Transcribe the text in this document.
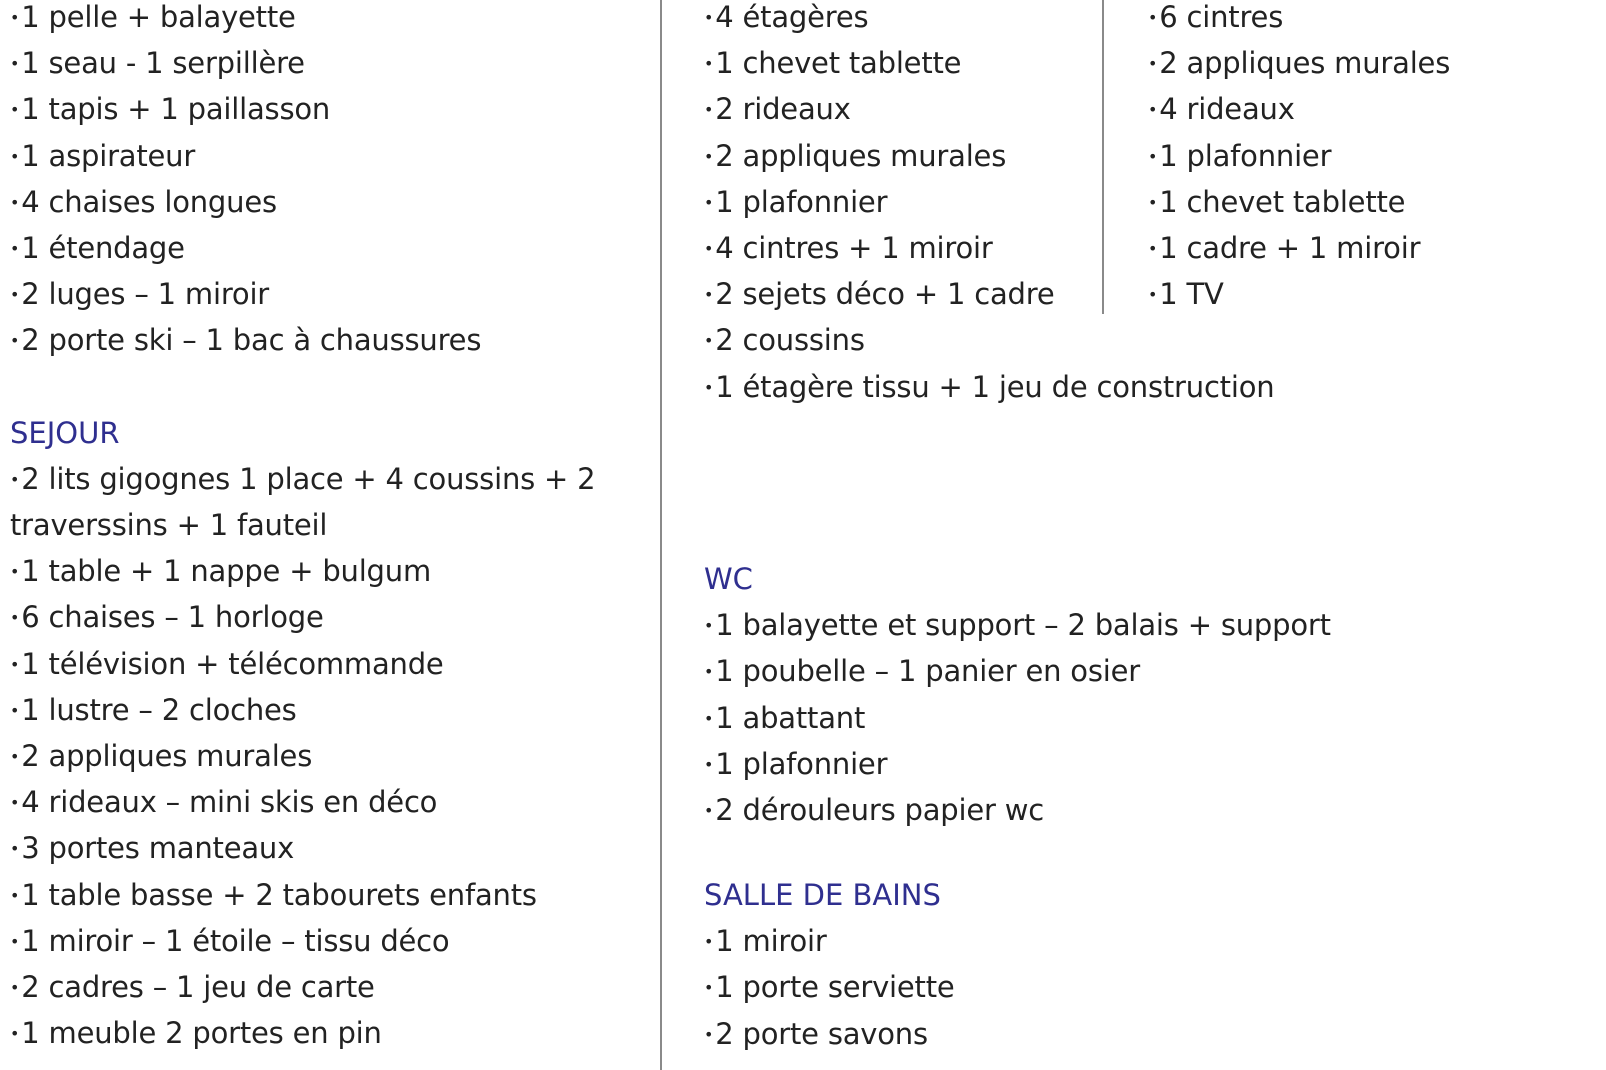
•1 pelle + balayette
•1 seau - 1 serpillère
•1 tapis + 1 paillasson
•1 aspirateur
•4 chaises longues
•1 étendage
•2 luges – 1 miroir
•2 porte ski – 1 bac à chaussures
SEJOUR
•2 lits gigognes 1 place + 4 coussins + 2
traverssins + 1 fauteil
•1 table + 1 nappe + bulgum
•6 chaises – 1 horloge
•1 télévision + télécommande
•1 lustre – 2 cloches
•2 appliques murales
•4 rideaux – mini skis en déco
•3 portes manteaux
•1 table basse + 2 tabourets enfants
•1 miroir – 1 étoile – tissu déco
•2 cadres – 1 jeu de carte
•1 meuble 2 portes en pin
•4 étagères
•1 chevet tablette
•2 rideaux
•2 appliques murales
•1 plafonnier
•4 cintres + 1 miroir
•2 sejets déco + 1 cadre
•2 coussins
•1 étagère tissu + 1 jeu de construction
WC
•1 balayette et support – 2 balais + support
•1 poubelle – 1 panier en osier
•1 abattant
•1 plafonnier
•2 dérouleurs papier wc
SALLE DE BAINS
•1 miroir
•1 porte serviette
•2 porte savons
•6 cintres
•2 appliques murales
•4 rideaux
•1 plafonnier
•1 chevet tablette
•1 cadre + 1 miroir
•1 TV
